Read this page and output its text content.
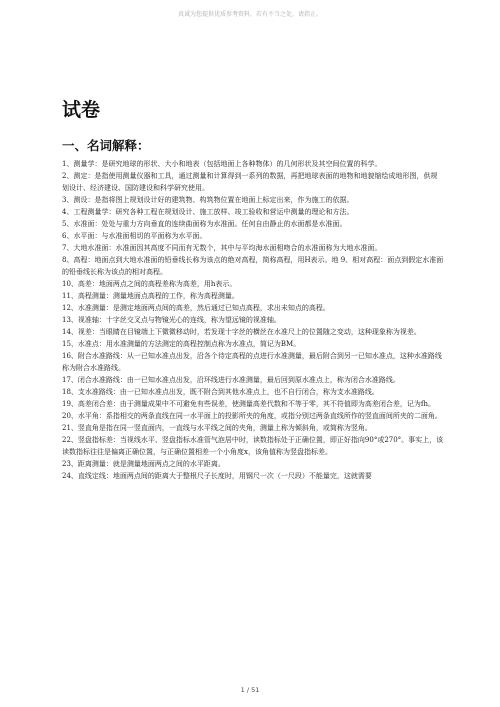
真诚为您提供优质参考资料，若有不当之处，请指正。
试卷
一、名词解释：

1、测量学：是研究地球的形状、大小和地表（包括地面上各种物体）的几何形状及其空间位置的科学。

2、测定：是指使用测量仪器和工具，通过测量和计算得到一系列的数据，再把地球表面的地物和地貌缩绘成地形图，供规划设计、经济建设、国防建设和科学研究使用。

3、测设：是指将图上规划设计好的建筑物、构筑物位置在地面上标定出来，作为施工的依据。

4、工程测量学：研究各种工程在规划设计、施工放样、竣工验收和营运中测量的理论和方法。

5、水准面：处处与重力方向垂直的连续曲面称为水准面。任何自由静止的水面都是水准面。

6、水平面：与水准面相切的平面称为水平面。

7、大地水准面：水准面因其高度不同而有无数个，其中与平均海水面相吻合的水准面称为大地水准面。

8、高程：地面点到大地水准面的铅垂线长称为该点的绝对高程，简称高程，用H表示。地 9、相对高程：面点到假定水准面的铅垂线长称为该点的相对高程。

10、高差：地面两点之间的高程差称为高差，用h表示。

11、高程测量：测量地面点高程的工作，称为高程测量。

12、水准测量：是测定地面两点间的高差，然后通过已知点高程，求出未知点的高程。

13、视准轴：十字丝交叉点与物镜光心的连线，称为望远镜的视准轴。

14、视差：当眼睛在目镜端上下微微移动时，若发现十字丝的横丝在水准尺上的位置随之变动，这种现象称为视差。

15、水准点：用水准测量的方法测定的高程控制点称为水准点，简记为BM。

16、附合水准路线：从一已知水准点出发，沿各个待定高程的点进行水准测量，最后附合到另一已知水准点，这种水准路线称为附合水准路线。

17、闭合水准路线：由一已知水准点出发，沿环线进行水准测量，最后回到原水准点上，称为闭合水准路线。

18、支水准路线：由一已知水准点出发，既不附合到其他水准点上，也不自行闭合，称为支水准路线。

19、高差闭合差：由于测量成果中不可避免有些误差，使测量高差代数和不等于零，其不符值即为高差闭合差，记为fh。

20、水平角：系指相交的两条直线在同一水平面上的投影所夹的角度，或指分别过两条直线所作的竖直面间所夹的二面角。

21、竖直角是指在同一竖直面内，一直线与水平线之间的夹角，测量上称为倾斜角，或简称为竖角。

22、竖盘指标差：当视线水平、竖盘指标水准管气泡居中时，读数指标处于正确位置，即正好指向90°或270°。事实上，该读数指标往往是偏离正确位置，与正确位置相差一个小角度x，该角值称为竖盘指标差。

23、距离测量：就是测量地面两点之间的水平距离。

24、直线定线：地面两点间的距离大于整根尺子长度时，用钢尺一次（一尺段）不能量完，这就需要

1 / 51
